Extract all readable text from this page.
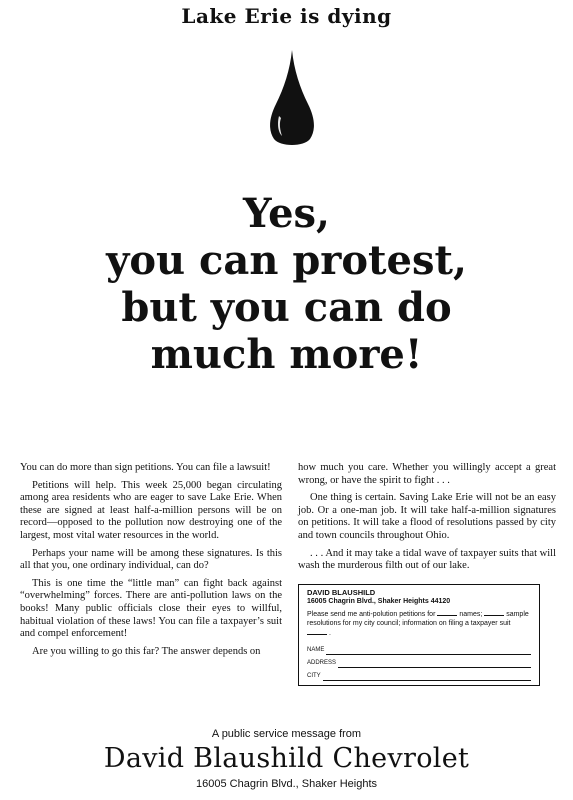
Lake Erie is dying
Yes,
you can protest,
but you can do
much more!

You can do more than sign petitions. You can file a lawsuit!

Petitions will help. This week 25,000 began circulating among area residents who are eager to save Lake Erie. When these are signed at least half-a-million persons will be on record—opposed to the pollution now destroying one of the largest, most vital water resources in the world.

Perhaps your name will be among these signatures. Is this all that you, one ordinary individual, can do?

This is one time the “little man” can fight back against “overwhelming” forces. There are anti-pollution laws on the books! Many public officials close their eyes to willful, habitual violation of these laws! You can file a taxpayer’s suit and compel enforcement!

Are you willing to go this far? The answer depends on

how much you care. Whether you willingly accept a great wrong, or have the spirit to fight . . .

One thing is certain. Saving Lake Erie will not be an easy job. Or a one-man job. It will take half-a-million signatures on petitions. It will take a flood of resolutions passed by city and town councils throughout Ohio.

. . . And it may take a tidal wave of taxpayer suits that will wash the murderous filth out of our lake.

DAVID BLAUSHILD
16005 Chagrin Blvd., Shaker Heights 44120
Please send me anti-polution petitions for	names;	sample resolutions for my city council; information on filing a taxpayer suit  .
NAME
ADDRESS
CITY
A public service message from
David Blaushild Chevrolet
16005 Chagrin Blvd., Shaker Heights
